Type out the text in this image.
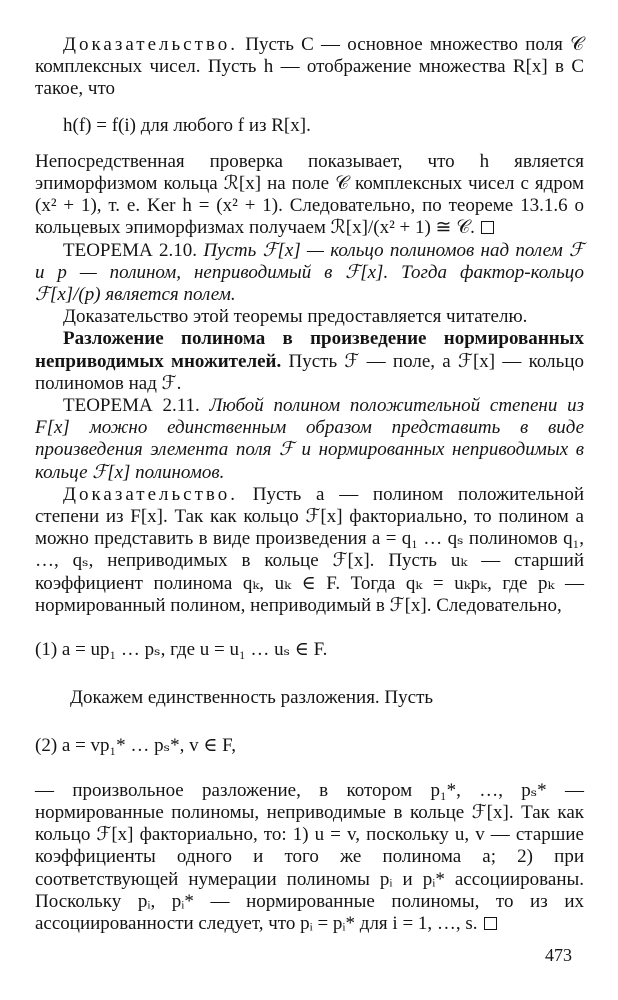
Доказательство. Пусть C — основное множество поля 𝒞 комплексных чисел. Пусть h — отображение множества R[x] в C такое, что

h(f) = f(i) для любого f из R[x].

Непосредственная проверка показывает, что h является эпиморфизмом кольца ℛ[x] на поле 𝒞 комплексных чисел с ядром (x² + 1), т. е. Ker h = (x² + 1). Следовательно, по теореме 13.1.6 о кольцевых эпиморфизмах получаем ℛ[x]/(x² + 1) ≅ 𝒞.

ТЕОРЕМА 2.10. Пусть ℱ[x] — кольцо полиномов над полем ℱ и p — полином, неприводимый в ℱ[x]. Тогда фактор-кольцо ℱ[x]/(p) является полем.

Доказательство этой теоремы предоставляется читателю.

Разложение полинома в произведение нормированных неприводимых множителей. Пусть ℱ — поле, а ℱ[x] — кольцо полиномов над ℱ.

ТЕОРЕМА 2.11. Любой полином положительной степени из F[x] можно единственным образом представить в виде произведения элемента поля ℱ и нормированных неприводимых в кольце ℱ[x] полиномов.

Доказательство. Пусть a — полином положительной степени из F[x]. Так как кольцо ℱ[x] факториально, то полином a можно представить в виде произведения a = q₁ … qₛ полиномов q₁, …, qₛ, неприводимых в кольце ℱ[x]. Пусть uₖ — старший коэффициент полинома qₖ, uₖ ∈ F. Тогда qₖ = uₖpₖ, где pₖ — нормированный полином, неприводимый в ℱ[x]. Следовательно,

(1) a = up₁ … pₛ, где u = u₁ … uₛ ∈ F.

Докажем единственность разложения. Пусть

(2) a = vp₁* … pₛ*, v ∈ F,

— произвольное разложение, в котором p₁*, …, pₛ* — нормированные полиномы, неприводимые в кольце ℱ[x]. Так как кольцо ℱ[x] факториально, то: 1) u = v, поскольку u, v — старшие коэффициенты одного и того же полинома a; 2) при соответствующей нумерации полиномы pᵢ и pᵢ* ассоциированы. Поскольку pᵢ, pᵢ* — нормированные полиномы, то из их ассоциированности следует, что pᵢ = pᵢ* для i = 1, …, s.

473
